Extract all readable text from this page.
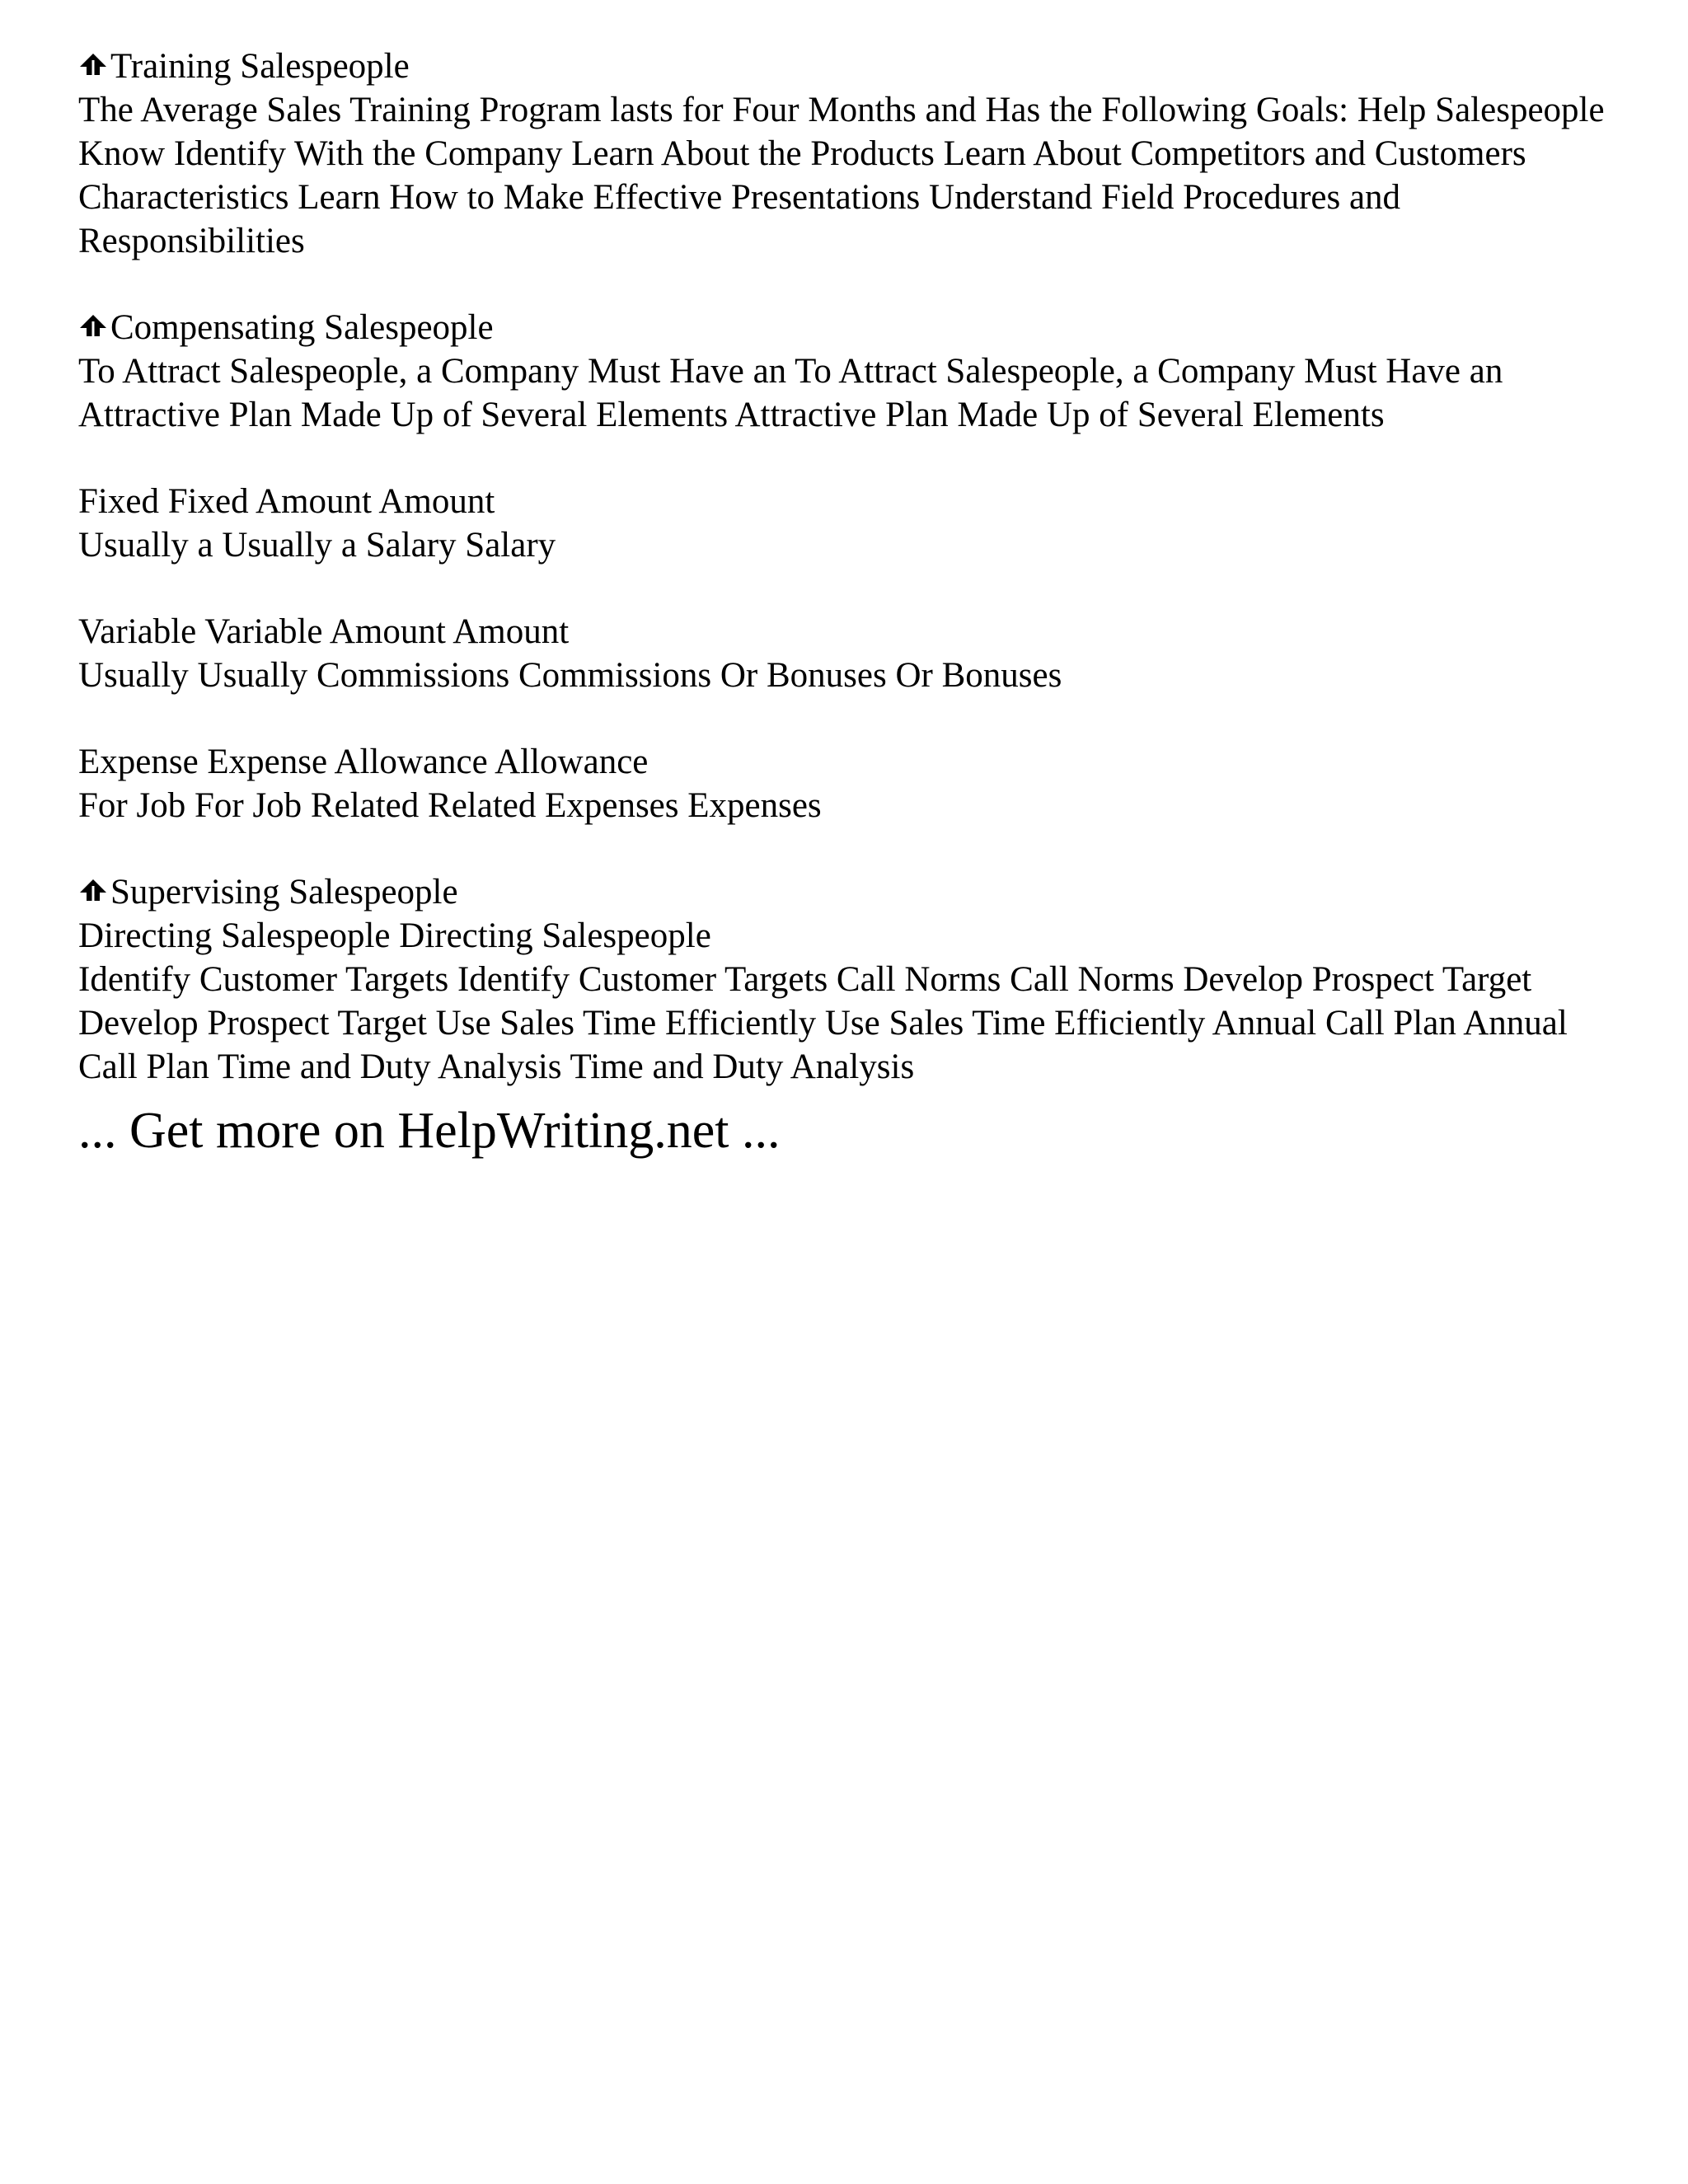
Training Salespeople
The Average Sales Training Program lasts for Four Months and Has the Following Goals: Help Salespeople Know Identify With the Company Learn About the Products Learn About Competitors and Customers Characteristics Learn How to Make Effective Presentations Understand Field Procedures and Responsibilities
Compensating Salespeople
To Attract Salespeople, a Company Must Have an To Attract Salespeople, a Company Must Have an Attractive Plan Made Up of Several Elements Attractive Plan Made Up of Several Elements
Fixed Fixed Amount Amount
Usually a Usually a Salary Salary
Variable Variable Amount Amount
Usually Usually Commissions Commissions Or Bonuses Or Bonuses
Expense Expense Allowance Allowance
For Job For Job Related Related Expenses Expenses
Supervising Salespeople
Directing Salespeople Directing Salespeople
Identify Customer Targets Identify Customer Targets Call Norms Call Norms Develop Prospect Target Develop Prospect Target Use Sales Time Efficiently Use Sales Time Efficiently Annual Call Plan Annual Call Plan Time and Duty Analysis Time and Duty Analysis
... Get more on HelpWriting.net ...
